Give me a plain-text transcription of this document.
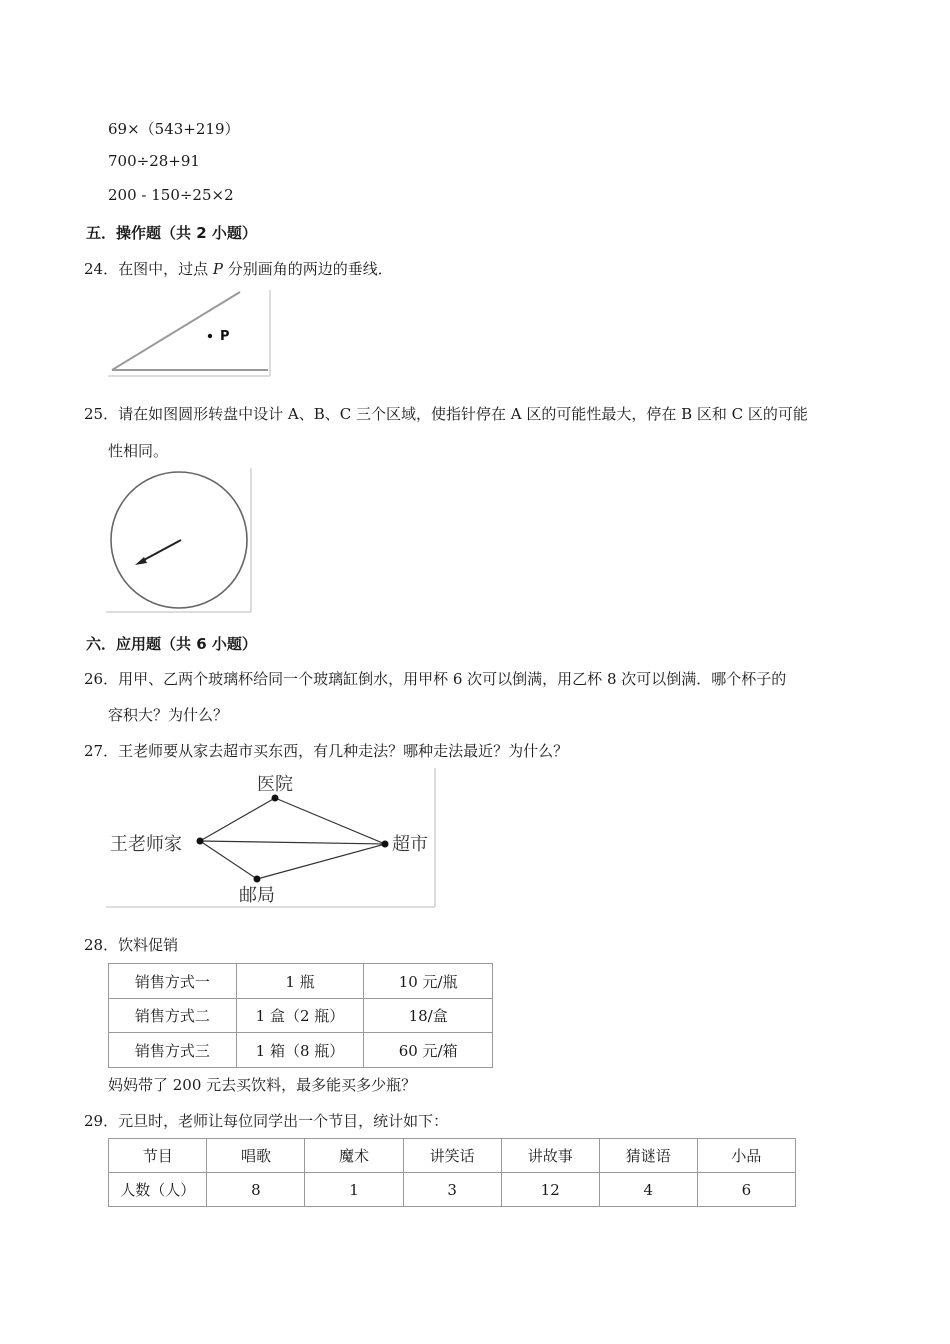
69×（543+219）
700÷28+91
200 - 150÷25×2
五．操作题（共 2 小题）
24．在图中，过点 P 分别画角的两边的垂线．
P
25．请在如图圆形转盘中设计 A、B、C 三个区域，使指针停在 A 区的可能性最大，停在 B 区和 C 区的可能
性相同。
六．应用题（共 6 小题）
26．用甲、乙两个玻璃杯给同一个玻璃缸倒水，用甲杯 6 次可以倒满，用乙杯 8 次可以倒满．哪个杯子的
容积大？为什么？
27．王老师要从家去超市买东西，有几种走法？哪种走法最近？为什么？
王老师家
医院
超市
邮局
28．饮料促销
销售方式一	1 瓶	10 元/瓶
销售方式二	1 盒（2 瓶）	18/盒
销售方式三	1 箱（8 瓶）	60 元/箱
妈妈带了 200 元去买饮料，最多能买多少瓶？
29．元旦时，老师让每位同学出一个节目，统计如下：
节目	唱歌	魔术	讲笑话	讲故事	猜谜语	小品
人数（人）	8	1	3	12	4	6
